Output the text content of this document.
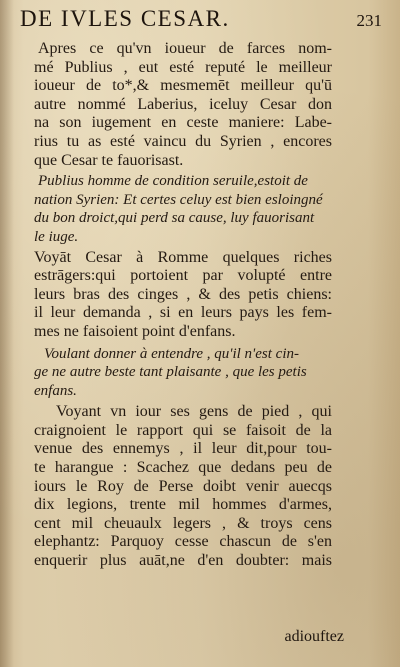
DE IVLES CESAR.	231
Apres ce qu'vn ioueur de farces nom-
mé Publius , eut esté reputé le meilleur
ioueur de to*,& mesmemēt meilleur qu'ū
autre nommé Laberius, iceluy Cesar don
na son iugement en ceste maniere: Labe-
rius tu as esté vaincu du Syrien , encores
que Cesar te fauorisast.
Publius homme de condition seruile,estoit de
nation Syrien: Et certes celuy est bien esloingné
du bon droict,qui perd sa cause, luy fauorisant
le iuge.
Voyāt Cesar à Romme quelques riches
estrāgers:qui portoient par volupté entre
leurs bras des cinges , & des petis chiens:
il leur demanda , si en leurs pays les fem-
mes ne faisoient point d'enfans.
Voulant donner à entendre , qu'il n'est cin-
ge ne autre beste tant plaisante , que les petis
enfans.
Voyant vn iour ses gens de pied , qui
craignoient le rapport qui se faisoit de la
venue des ennemys , il leur dit,pour tou-
te harangue : Scachez que dedans peu de
iours le Roy de Perse doibt venir auecqs
dix legions, trente mil hommes d'armes,
cent mil cheuaulx legers , & troys cens
elephantz: Parquoy cesse chascun de s'en
enquerir plus auāt,ne d'en doubter: mais
adiouftez
